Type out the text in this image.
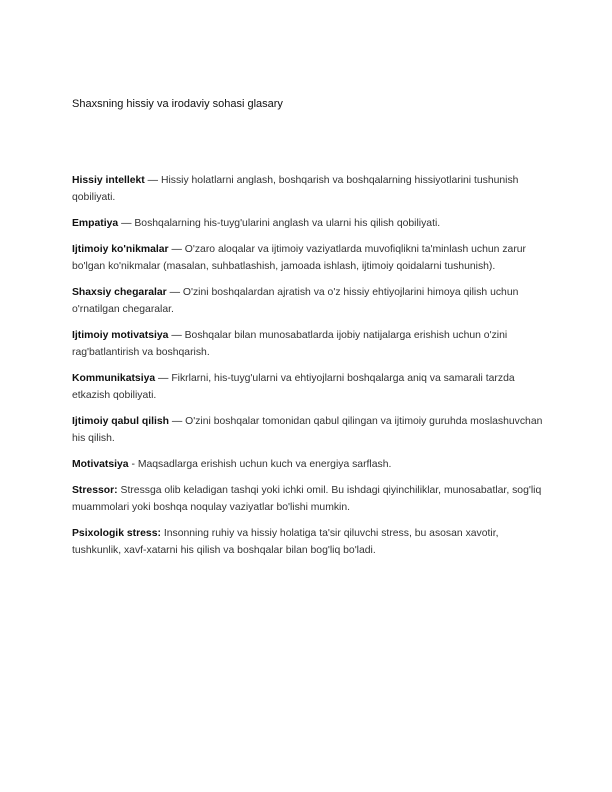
Shaxsning hissiy va irodaviy sohasi glasary
Hissiy intellekt — Hissiy holatlarni anglash, boshqarish va boshqalarning hissiyotlarini tushunish qobiliyati.
Empatiya — Boshqalarning his-tuyg'ularini anglash va ularni his qilish qobiliyati.
Ijtimoiy ko'nikmalar — O'zaro aloqalar va ijtimoiy vaziyatlarda muvofiqlikni ta'minlash uchun zarur bo'lgan ko'nikmalar (masalan, suhbatlashish, jamoada ishlash, ijtimoiy qoidalarni tushunish).
Shaxsiy chegaralar — O'zini boshqalardan ajratish va o'z hissiy ehtiyojlarini himoya qilish uchun o'rnatilgan chegaralar.
Ijtimoiy motivatsiya — Boshqalar bilan munosabatlarda ijobiy natijalarga erishish uchun o'zini rag'batlantirish va boshqarish.
Kommunikatsiya — Fikrlarni, his-tuyg'ularni va ehtiyojlarni boshqalarga aniq va samarali tarzda etkazish qobiliyati.
Ijtimoiy qabul qilish — O'zini boshqalar tomonidan qabul qilingan va ijtimoiy guruhda moslashuvchan his qilish.
Motivatsiya - Maqsadlarga erishish uchun kuch va energiya sarflash.
Stressor: Stressga olib keladigan tashqi yoki ichki omil. Bu ishdagi qiyinchiliklar, munosabatlar, sog'liq muammolari yoki boshqa noqulay vaziyatlar bo'lishi mumkin.
Psixologik stress: Insonning ruhiy va hissiy holatiga ta'sir qiluvchi stress, bu asosan xavotir, tushkunlik, xavf-xatarni his qilish va boshqalar bilan bog'liq bo'ladi.
